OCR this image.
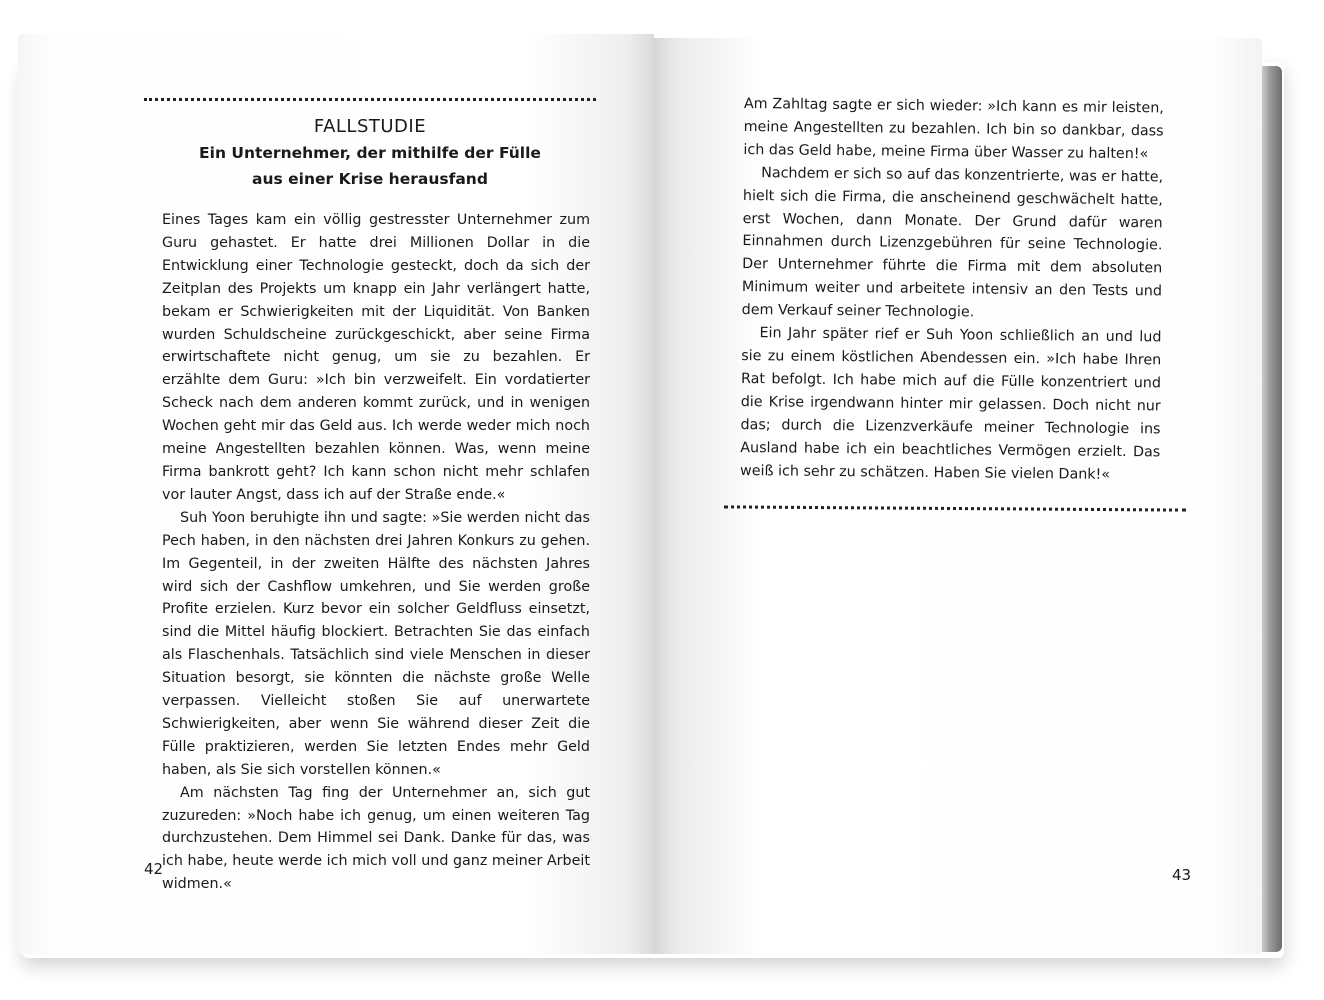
FALLSTUDIE
Ein Unternehmer, der mithilfe der Fülle
aus einer Krise herausfand

Eines Tages kam ein völlig gestresster Unternehmer zum Guru gehastet. Er hatte drei Millionen Dollar in die Entwicklung einer Technologie gesteckt, doch da sich der Zeitplan des Projekts um knapp ein Jahr verlängert hatte, bekam er Schwierigkeiten mit der Liquidität. Von Banken wurden Schuldscheine zurückgeschickt, aber seine Firma erwirtschaftete nicht genug, um sie zu bezahlen. Er erzählte dem Guru: »Ich bin verzweifelt. Ein vordatierter Scheck nach dem anderen kommt zurück, und in wenigen Wochen geht mir das Geld aus. Ich werde weder mich noch meine Angestellten bezahlen können. Was, wenn meine Firma bankrott geht? Ich kann schon nicht mehr schlafen vor lauter Angst, dass ich auf der Straße ende.«

Suh Yoon beruhigte ihn und sagte: »Sie werden nicht das Pech haben, in den nächsten drei Jahren Konkurs zu gehen. Im Gegenteil, in der zweiten Hälfte des nächsten Jahres wird sich der Cashflow umkehren, und Sie werden große Profite erzielen. Kurz bevor ein solcher Geldfluss einsetzt, sind die Mittel häufig blockiert. Betrachten Sie das einfach als Flaschenhals. Tatsächlich sind viele Menschen in dieser Situation besorgt, sie könnten die nächste große Welle verpassen. Vielleicht stoßen Sie auf unerwartete Schwierigkeiten, aber wenn Sie während dieser Zeit die Fülle praktizieren, werden Sie letzten Endes mehr Geld haben, als Sie sich vorstellen können.«

Am nächsten Tag fing der Unternehmer an, sich gut zuzureden: »Noch habe ich genug, um einen weiteren Tag durchzustehen. Dem Himmel sei Dank. Danke für das, was ich habe, heute werde ich mich voll und ganz meiner Arbeit widmen.«

42

Am Zahltag sagte er sich wieder: »Ich kann es mir leisten, meine Angestellten zu bezahlen. Ich bin so dankbar, dass ich das Geld habe, meine Firma über Wasser zu halten!«

Nachdem er sich so auf das konzentrierte, was er hatte, hielt sich die Firma, die anscheinend geschwächelt hatte, erst Wochen, dann Monate. Der Grund dafür waren Einnahmen durch Lizenzgebühren für seine Technologie. Der Unternehmer führte die Firma mit dem absoluten Minimum weiter und arbeitete intensiv an den Tests und dem Verkauf seiner Technologie.

Ein Jahr später rief er Suh Yoon schließlich an und lud sie zu einem köstlichen Abendessen ein. »Ich habe Ihren Rat befolgt. Ich habe mich auf die Fülle konzentriert und die Krise irgendwann hinter mir gelassen. Doch nicht nur das; durch die Lizenzverkäufe meiner Technologie ins Ausland habe ich ein beachtliches Vermögen erzielt. Das weiß ich sehr zu schätzen. Haben Sie vielen Dank!«

43
